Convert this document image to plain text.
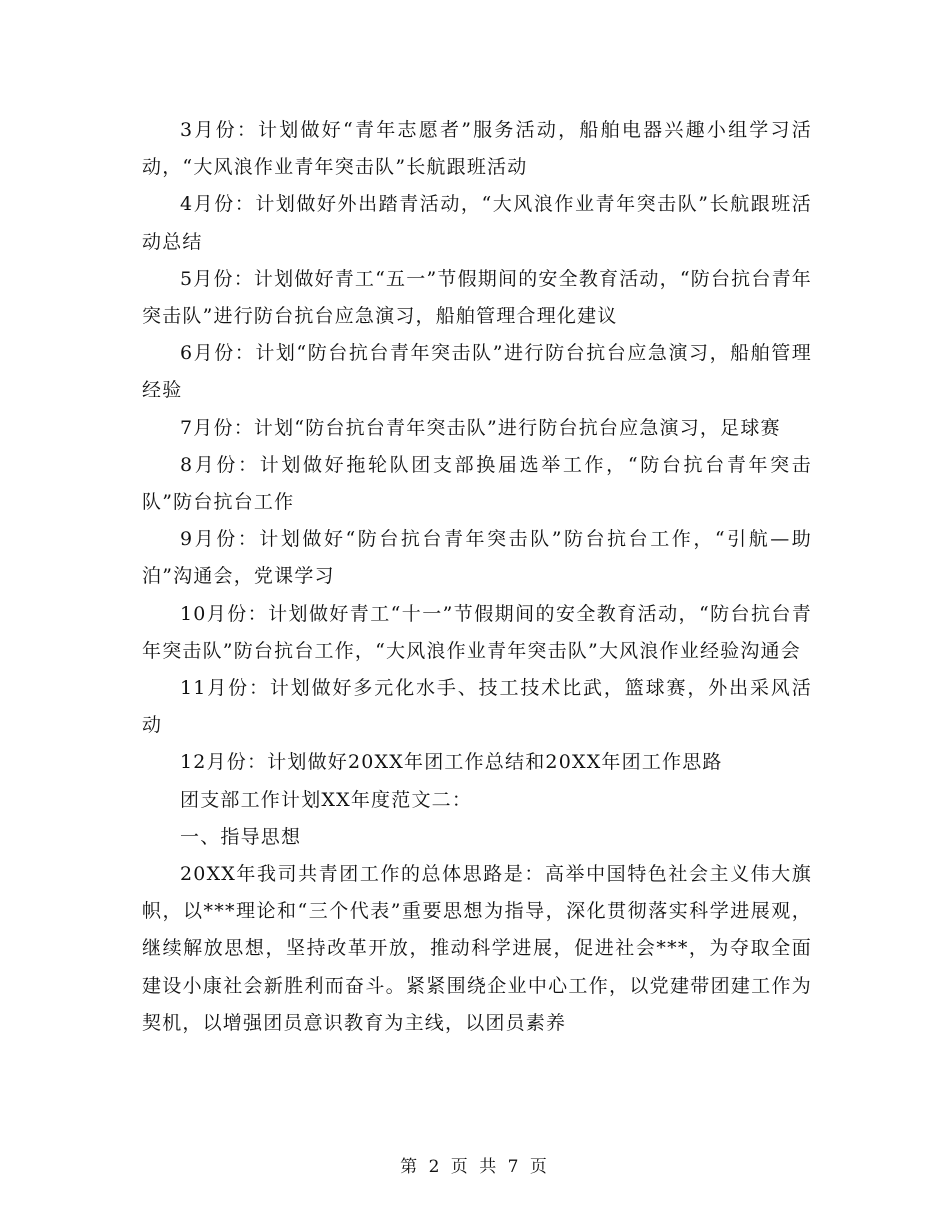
3月份：计划做好“青年志愿者”服务活动，船舶电器兴趣小组学习活动，“大风浪作业青年突击队”长航跟班活动

4月份：计划做好外出踏青活动，“大风浪作业青年突击队”长航跟班活动总结

5月份：计划做好青工“五一”节假期间的安全教育活动，“防台抗台青年突击队”进行防台抗台应急演习，船舶管理合理化建议

6月份：计划“防台抗台青年突击队”进行防台抗台应急演习，船舶管理经验

7月份：计划“防台抗台青年突击队”进行防台抗台应急演习，足球赛

8月份：计划做好拖轮队团支部换届选举工作，“防台抗台青年突击队”防台抗台工作

9月份：计划做好“防台抗台青年突击队”防台抗台工作，“引航—助泊”沟通会，党课学习

10月份：计划做好青工“十一”节假期间的安全教育活动，“防台抗台青年突击队”防台抗台工作，“大风浪作业青年突击队”大风浪作业经验沟通会

11月份：计划做好多元化水手、技工技术比武，篮球赛，外出采风活动

12月份：计划做好20XX年团工作总结和20XX年团工作思路

团支部工作计划XX年度范文二：

一、指导思想

20XX年我司共青团工作的总体思路是：高举中国特色社会主义伟大旗帜，以***理论和“三个代表”重要思想为指导，深化贯彻落实科学进展观，继续解放思想，坚持改革开放，推动科学进展，促进社会***，为夺取全面建设小康社会新胜利而奋斗。紧紧围绕企业中心工作，以党建带团建工作为契机，以增强团员意识教育为主线，以团员素养

第 2 页 共 7 页
